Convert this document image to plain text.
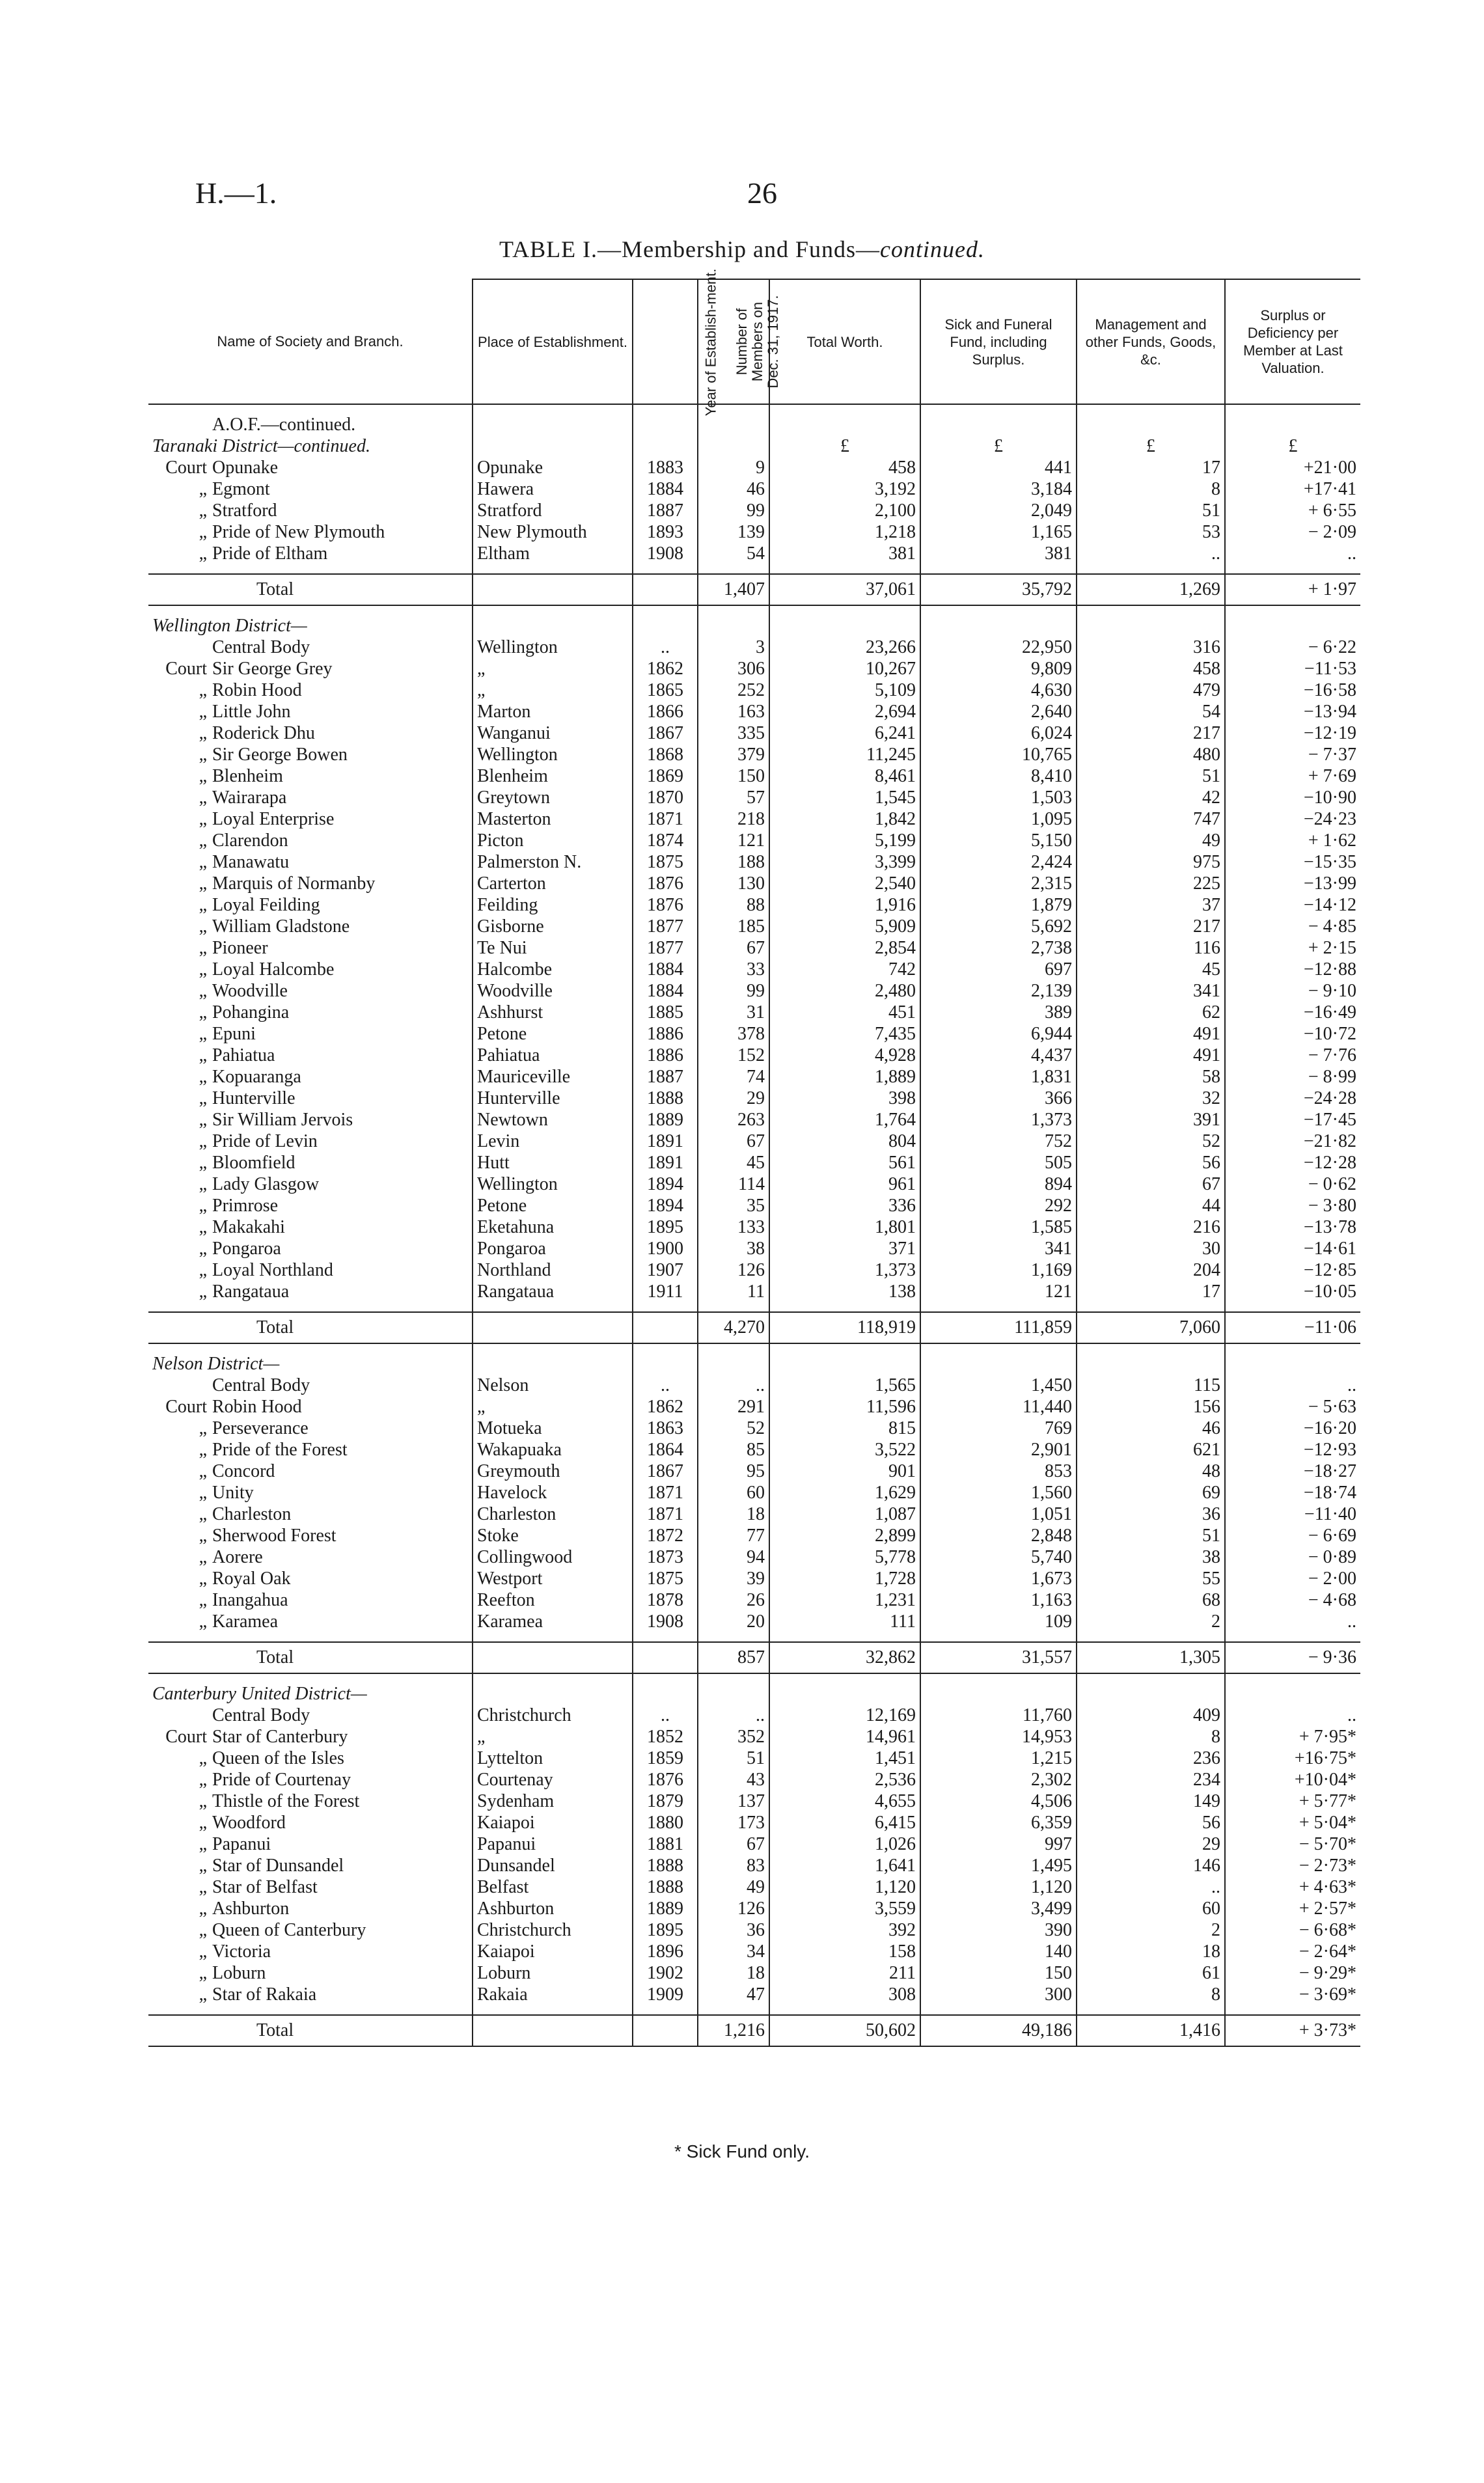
H.—1.	26
TABLE I.—Membership and Funds—continued.
Name of Society and Branch.	Place of Establishment.	Year of Establish-ment.	Number of Members on Dec. 31, 1917.	Total Worth.	Sick and Funeral Fund, including Surplus.	Management and other Funds, Goods, &c.	Surplus or Deficiency per Member at Last Valuation.

A.O.F.—continued.							
Taranaki District—continued.				£	£	£	£
Court Opunake	Opunake	1883	9	458	441	17	+21·00
„ Egmont	Hawera	1884	46	3,192	3,184	8	+17·41
„ Stratford	Stratford	1887	99	2,100	2,049	51	+ 6·55
„ Pride of New Plymouth	New Plymouth	1893	139	1,218	1,165	53	− 2·09
„ Pride of Eltham	Eltham	1908	54	381	381	..	..

Total			1,407	37,061	35,792	1,269	+ 1·97

Wellington District—							
Central Body	Wellington	..	3	23,266	22,950	316	− 6·22
Court Sir George Grey	„	1862	306	10,267	9,809	458	−11·53
„ Robin Hood	„	1865	252	5,109	4,630	479	−16·58
„ Little John	Marton	1866	163	2,694	2,640	54	−13·94
„ Roderick Dhu	Wanganui	1867	335	6,241	6,024	217	−12·19
„ Sir George Bowen	Wellington	1868	379	11,245	10,765	480	− 7·37
„ Blenheim	Blenheim	1869	150	8,461	8,410	51	+ 7·69
„ Wairarapa	Greytown	1870	57	1,545	1,503	42	−10·90
„ Loyal Enterprise	Masterton	1871	218	1,842	1,095	747	−24·23
„ Clarendon	Picton	1874	121	5,199	5,150	49	+ 1·62
„ Manawatu	Palmerston N.	1875	188	3,399	2,424	975	−15·35
„ Marquis of Normanby	Carterton	1876	130	2,540	2,315	225	−13·99
„ Loyal Feilding	Feilding	1876	88	1,916	1,879	37	−14·12
„ William Gladstone	Gisborne	1877	185	5,909	5,692	217	− 4·85
„ Pioneer	Te Nui	1877	67	2,854	2,738	116	+ 2·15
„ Loyal Halcombe	Halcombe	1884	33	742	697	45	−12·88
„ Woodville	Woodville	1884	99	2,480	2,139	341	− 9·10
„ Pohangina	Ashhurst	1885	31	451	389	62	−16·49
„ Epuni	Petone	1886	378	7,435	6,944	491	−10·72
„ Pahiatua	Pahiatua	1886	152	4,928	4,437	491	− 7·76
„ Kopuaranga	Mauriceville	1887	74	1,889	1,831	58	− 8·99
„ Hunterville	Hunterville	1888	29	398	366	32	−24·28
„ Sir William Jervois	Newtown	1889	263	1,764	1,373	391	−17·45
„ Pride of Levin	Levin	1891	67	804	752	52	−21·82
„ Bloomfield	Hutt	1891	45	561	505	56	−12·28
„ Lady Glasgow	Wellington	1894	114	961	894	67	− 0·62
„ Primrose	Petone	1894	35	336	292	44	− 3·80
„ Makakahi	Eketahuna	1895	133	1,801	1,585	216	−13·78
„ Pongaroa	Pongaroa	1900	38	371	341	30	−14·61
„ Loyal Northland	Northland	1907	126	1,373	1,169	204	−12·85
„ Rangataua	Rangataua	1911	11	138	121	17	−10·05

Total			4,270	118,919	111,859	7,060	−11·06

Nelson District—							
Central Body	Nelson	..	..	1,565	1,450	115	..
Court Robin Hood	„	1862	291	11,596	11,440	156	− 5·63
„ Perseverance	Motueka	1863	52	815	769	46	−16·20
„ Pride of the Forest	Wakapuaka	1864	85	3,522	2,901	621	−12·93
„ Concord	Greymouth	1867	95	901	853	48	−18·27
„ Unity	Havelock	1871	60	1,629	1,560	69	−18·74
„ Charleston	Charleston	1871	18	1,087	1,051	36	−11·40
„ Sherwood Forest	Stoke	1872	77	2,899	2,848	51	− 6·69
„ Aorere	Collingwood	1873	94	5,778	5,740	38	− 0·89
„ Royal Oak	Westport	1875	39	1,728	1,673	55	− 2·00
„ Inangahua	Reefton	1878	26	1,231	1,163	68	− 4·68
„ Karamea	Karamea	1908	20	111	109	2	..

Total			857	32,862	31,557	1,305	− 9·36

Canterbury United District—							
Central Body	Christchurch	..	..	12,169	11,760	409	..
Court Star of Canterbury	„	1852	352	14,961	14,953	8	+ 7·95*
„ Queen of the Isles	Lyttelton	1859	51	1,451	1,215	236	+16·75*
„ Pride of Courtenay	Courtenay	1876	43	2,536	2,302	234	+10·04*
„ Thistle of the Forest	Sydenham	1879	137	4,655	4,506	149	+ 5·77*
„ Woodford	Kaiapoi	1880	173	6,415	6,359	56	+ 5·04*
„ Papanui	Papanui	1881	67	1,026	997	29	− 5·70*
„ Star of Dunsandel	Dunsandel	1888	83	1,641	1,495	146	− 2·73*
„ Star of Belfast	Belfast	1888	49	1,120	1,120	..	+ 4·63*
„ Ashburton	Ashburton	1889	126	3,559	3,499	60	+ 2·57*
„ Queen of Canterbury	Christchurch	1895	36	392	390	2	− 6·68*
„ Victoria	Kaiapoi	1896	34	158	140	18	− 2·64*
„ Loburn	Loburn	1902	18	211	150	61	− 9·29*
„ Star of Rakaia	Rakaia	1909	47	308	300	8	− 3·69*

Total			1,216	50,602	49,186	1,416	+ 3·73*
* Sick Fund only.
